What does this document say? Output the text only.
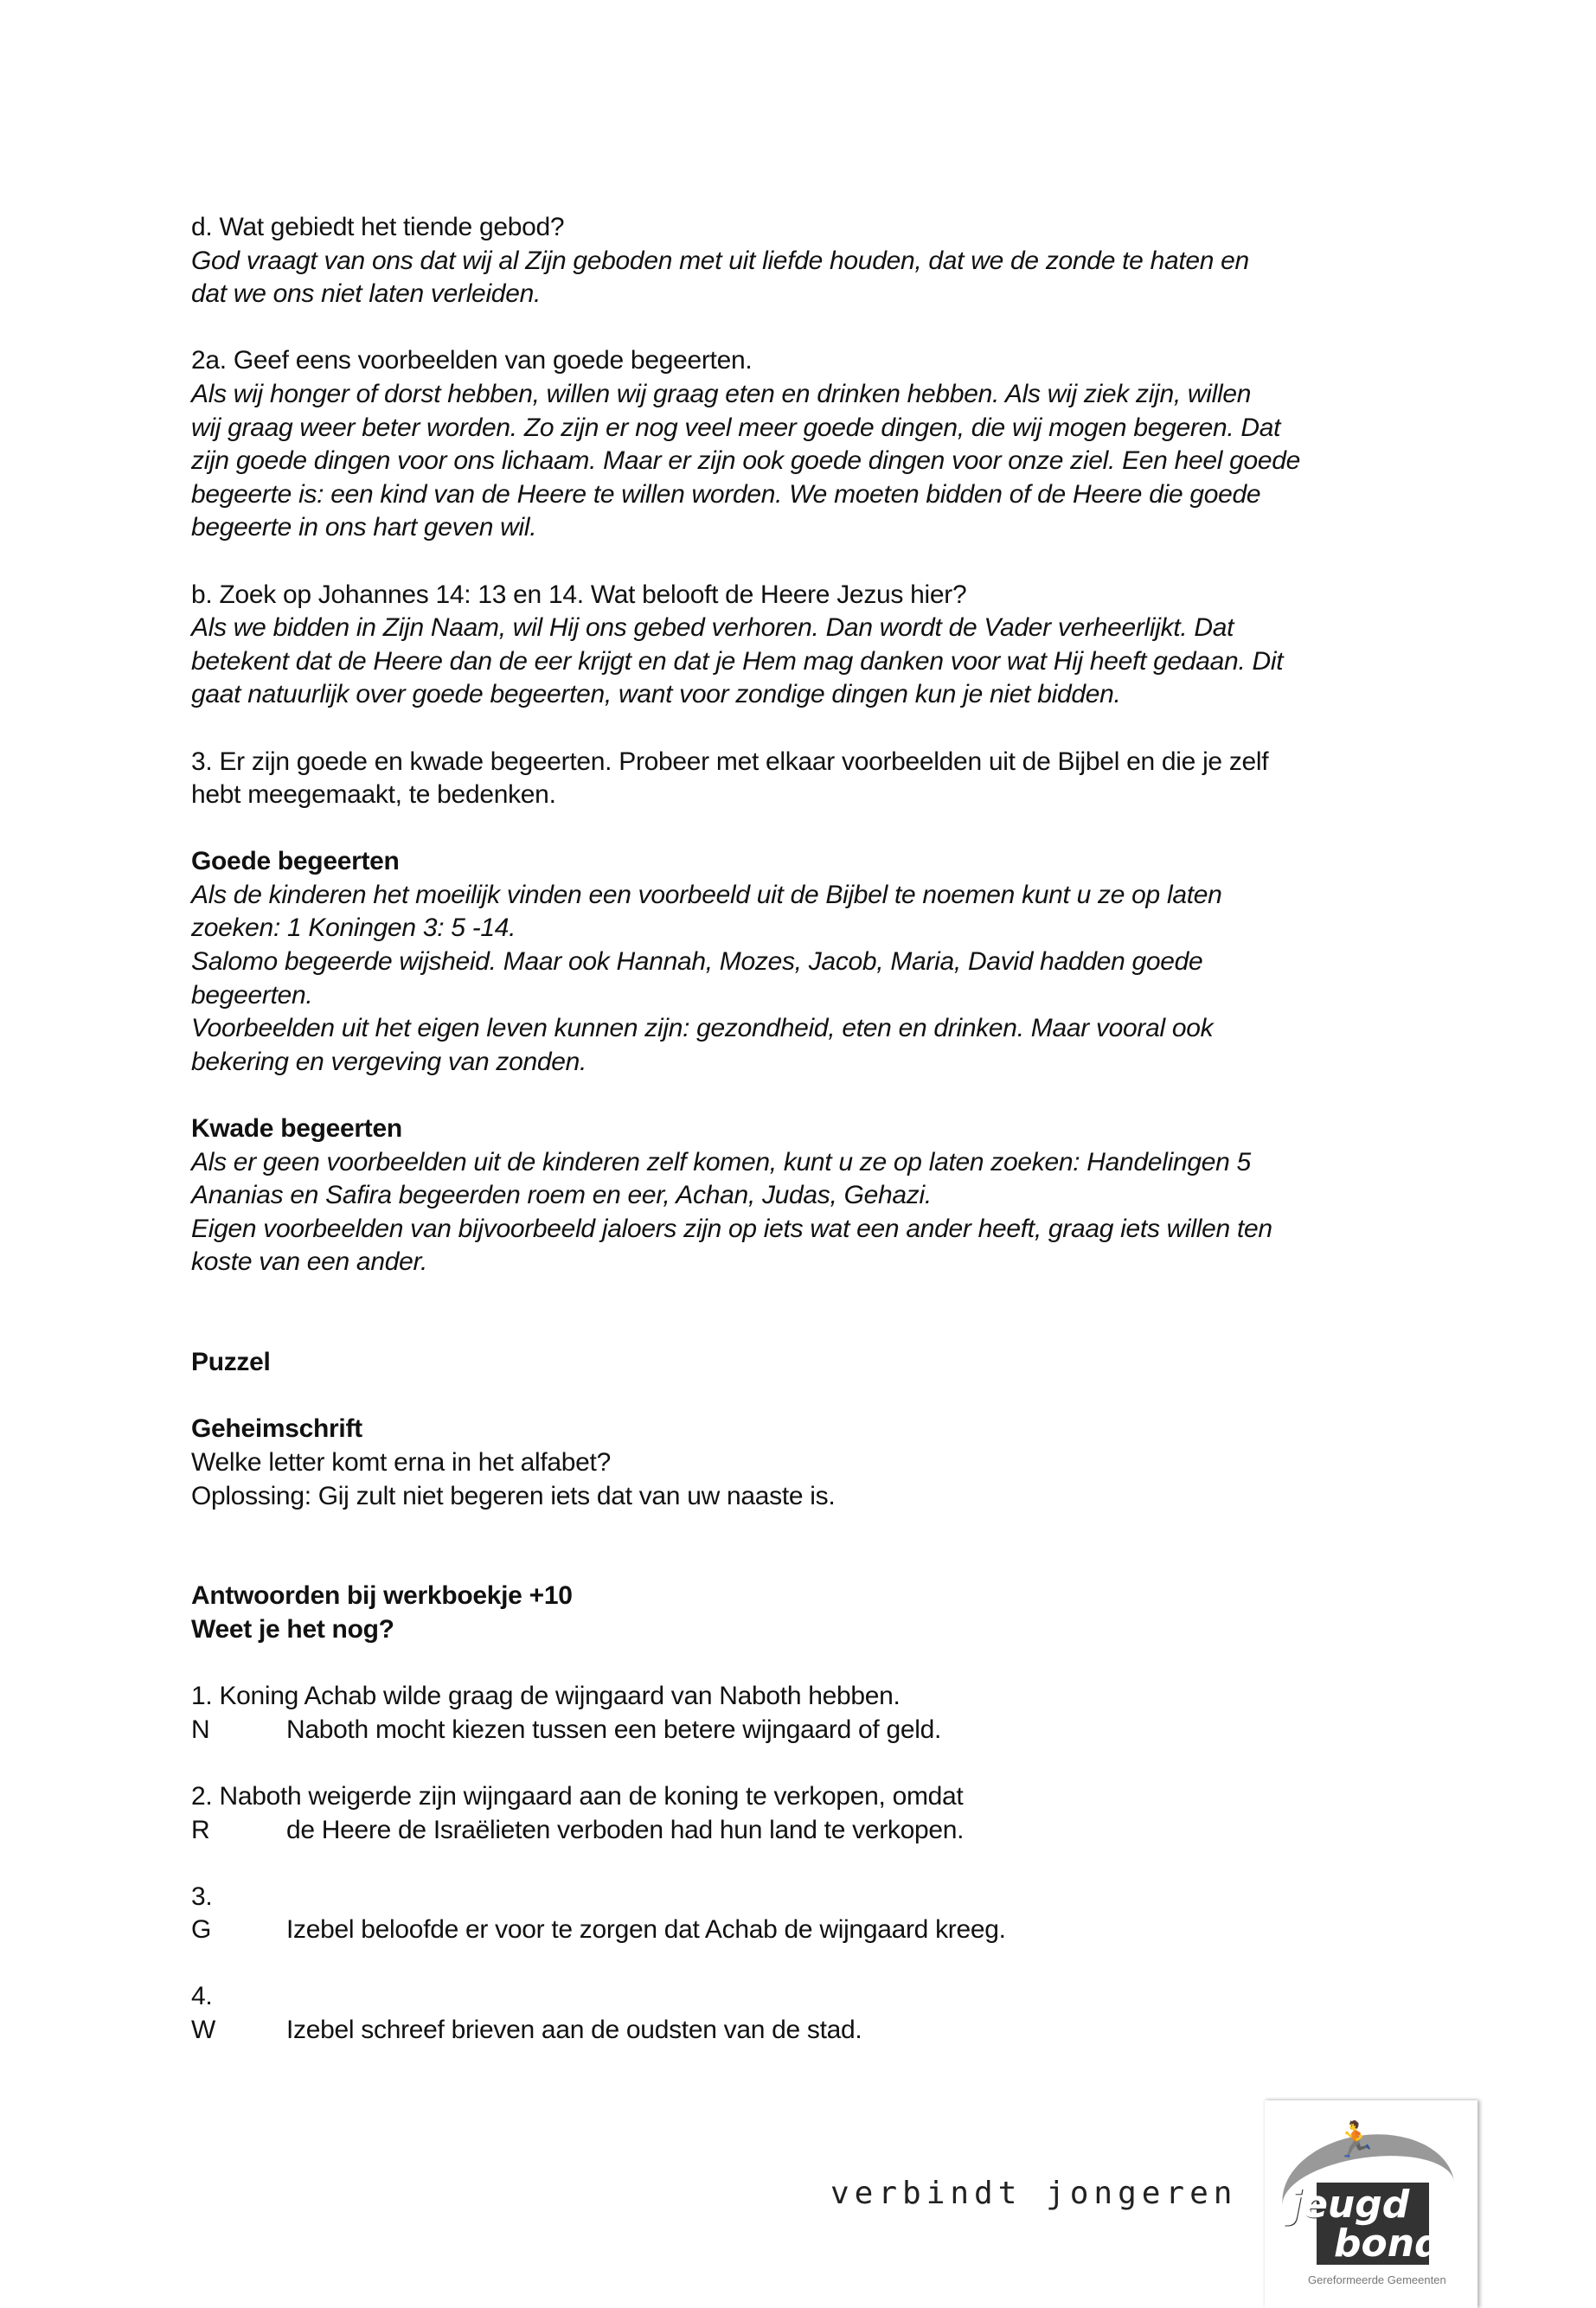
d. Wat gebiedt het tiende gebod?
God vraagt van ons dat wij al Zijn geboden met uit liefde houden, dat we de zonde te haten en
dat we ons niet laten verleiden.
2a. Geef eens voorbeelden van goede begeerten.
Als wij honger of dorst hebben, willen wij graag eten en drinken hebben. Als wij ziek zijn, willen
wij graag weer beter worden. Zo zijn er nog veel meer goede dingen, die wij mogen begeren. Dat
zijn goede dingen voor ons lichaam. Maar er zijn ook goede dingen voor onze ziel. Een heel goede
begeerte is: een kind van de Heere te willen worden. We moeten bidden of de Heere die goede
begeerte in ons hart geven wil.
b. Zoek op Johannes 14: 13 en 14. Wat belooft de Heere Jezus hier?
Als we bidden in Zijn Naam, wil Hij ons gebed verhoren. Dan wordt de Vader verheerlijkt. Dat
betekent dat de Heere dan de eer krijgt en dat je Hem mag danken voor wat Hij heeft gedaan. Dit
gaat natuurlijk over goede begeerten, want voor zondige dingen kun je niet bidden.
3. Er zijn goede en kwade begeerten. Probeer met elkaar voorbeelden uit de Bijbel en die je zelf
hebt meegemaakt, te bedenken.
Goede begeerten
Als de kinderen het moeilijk vinden een voorbeeld uit de Bijbel te noemen kunt u ze op laten
zoeken: 1 Koningen 3: 5 -14.
Salomo begeerde wijsheid. Maar ook Hannah, Mozes, Jacob, Maria, David hadden goede
begeerten.
Voorbeelden uit het eigen leven kunnen zijn: gezondheid, eten en drinken. Maar vooral ook
bekering en vergeving van zonden.
Kwade begeerten
Als er geen voorbeelden uit de kinderen zelf komen, kunt u ze op laten zoeken: Handelingen 5
Ananias en Safira begeerden roem en eer, Achan, Judas, Gehazi.
Eigen voorbeelden van bijvoorbeeld jaloers zijn op iets wat een ander heeft, graag iets willen ten
koste van een ander.
Puzzel
Geheimschrift
Welke letter komt erna in het alfabet?
Oplossing: Gij zult niet begeren iets dat van uw naaste is.
Antwoorden bij werkboekje +10
Weet je het nog?
1. Koning Achab wilde graag de wijngaard van Naboth hebben.
N	Naboth mocht kiezen tussen een betere wijngaard of geld.
2. Naboth weigerde zijn wijngaard aan de koning te verkopen, omdat
R	de Heere de Israëlieten verboden had hun land te verkopen.
3.
G	Izebel beloofde er voor te zorgen dat Achab de wijngaard kreeg.
4.
W	Izebel schreef brieven aan de oudsten van de stad.
verbindt jongeren
🏃
jeugd
bond
Gereformeerde Gemeenten
